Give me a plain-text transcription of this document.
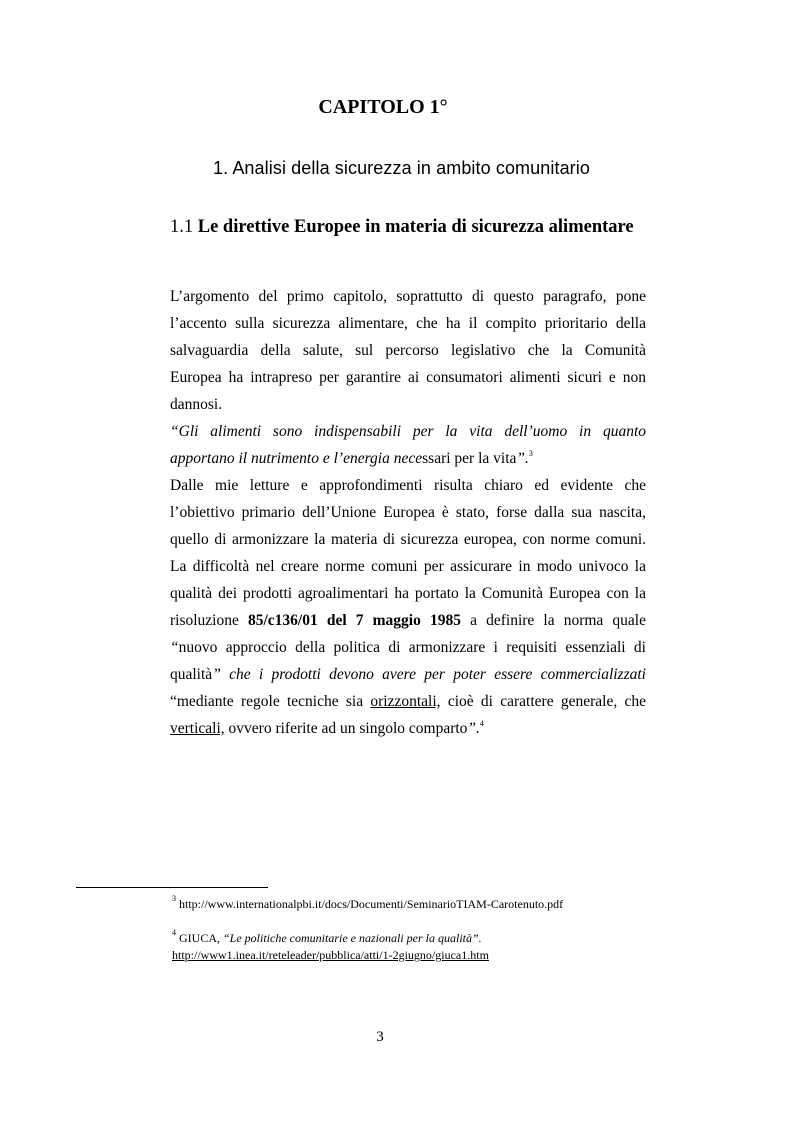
CAPITOLO 1°
1. Analisi della sicurezza in ambito comunitario
1.1 Le direttive Europee in materia di sicurezza alimentare
L’argomento del primo capitolo, soprattutto di questo paragrafo, pone
l’accento sulla sicurezza alimentare, che ha il compito prioritario della
salvaguardia della salute, sul percorso legislativo che la Comunità
Europea ha intrapreso per garantire ai consumatori alimenti sicuri e non
dannosi.
“Gli alimenti sono indispensabili per la vita dell’uomo in quanto
apportano il nutrimento e l’energia necessari per la vita”.$^3$
Dalle mie letture e approfondimenti risulta chiaro ed evidente che
l’obiettivo primario dell’Unione Europea è stato, forse dalla sua nascita,
quello di armonizzare la materia di sicurezza europea, con norme comuni.
La difficoltà nel creare norme comuni per assicurare in modo univoco la
qualità dei prodotti agroalimentari ha portato la Comunità Europea con la
risoluzione 85/c136/01 del 7 maggio 1985 a definire la norma quale
“nuovo approccio della politica di armonizzare i requisiti essenziali di
qualità” che i prodotti devono avere per poter essere commercializzati
“mediante regole tecniche sia orizzontali, cioè di carattere generale, che
verticali, ovvero riferite ad un singolo comparto”.$^4$
$^3$ http://www.internationalpbi.it/docs/Documenti/SeminarioTIAM-Carotenuto.pdf
$^4$ GIUCA, “Le politiche comunitarie e nazionali per la qualità”.
http://www1.inea.it/reteleader/pubblica/atti/1-2giugno/giuca1.htm
3
